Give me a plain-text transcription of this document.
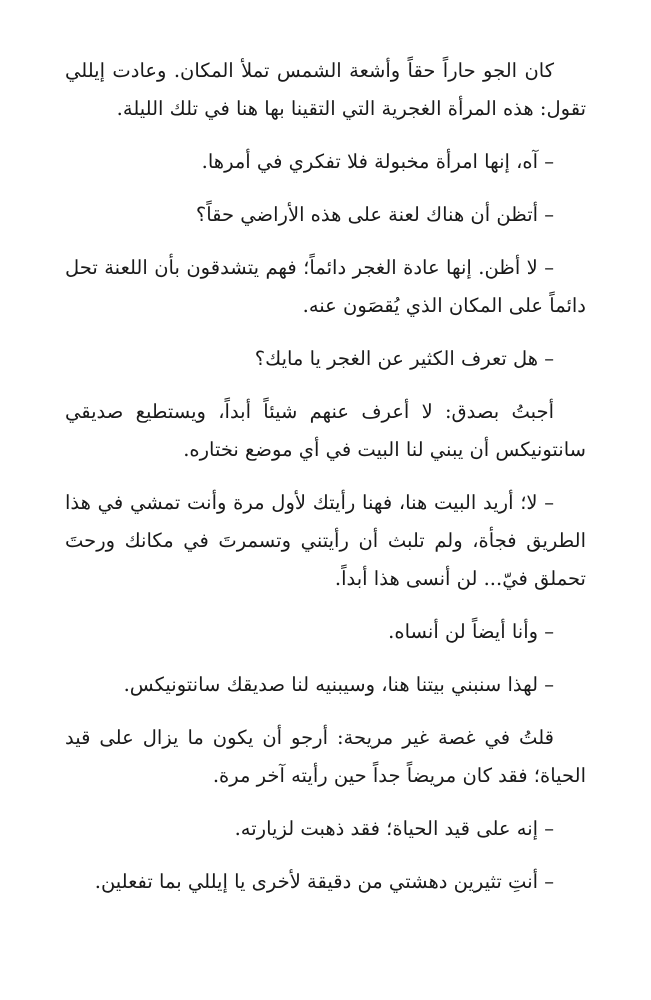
كان الجو حاراً حقاً وأشعة الشمس تملأ المكان. وعادت إيللي تقول: هذه المرأة الغجرية التي التقينا بها هنا في تلك الليلة.

– آه، إنها امرأة مخبولة فلا تفكري في أمرها.

– أتظن أن هناك لعنة على هذه الأراضي حقاً؟

– لا أظن. إنها عادة الغجر دائماً؛ فهم يتشدقون بأن اللعنة تحل دائماً على المكان الذي يُقصَون عنه.

– هل تعرف الكثير عن الغجر يا مايك؟

أجبتُ بصدق: لا أعرف عنهم شيئاً أبداً، ويستطيع صديقي سانتونيكس أن يبني لنا البيت في أي موضع نختاره.

– لا؛ أريد البيت هنا، فهنا رأيتك لأول مرة وأنت تمشي في هذا الطريق فجأة، ولم تلبث أن رأيتني وتسمرتَ في مكانك ورحتَ تحملق فيّ... لن أنسى هذا أبداً.

– وأنا أيضاً لن أنساه.

– لهذا سنبني بيتنا هنا، وسيبنيه لنا صديقك سانتونيكس.

قلتُ في غصة غير مريحة: أرجو أن يكون ما يزال على قيد الحياة؛ فقد كان مريضاً جداً حين رأيته آخر مرة.

– إنه على قيد الحياة؛ فقد ذهبت لزيارته.

– أنتِ تثيرين دهشتي من دقيقة لأخرى يا إيللي بما تفعلين.
